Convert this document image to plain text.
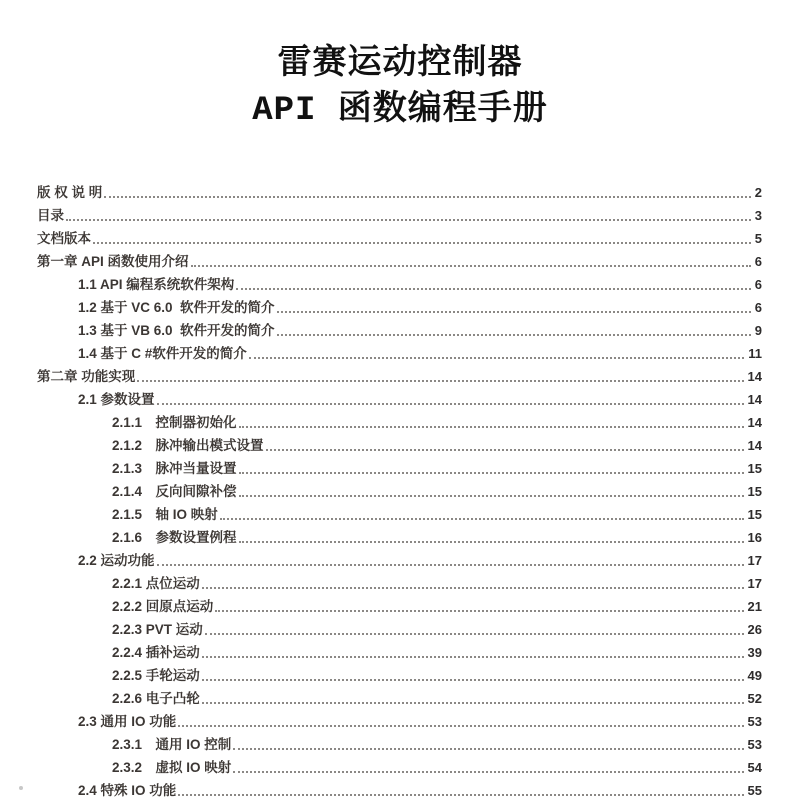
雷赛运动控制器
API 函数编程手册
版 权 说 明	2
目录	3
文档版本	5
第一章 API 函数使用介绍	6
1.1 API 编程系统软件架构	6
1.2 基于 VC 6.0  软件开发的简介	6
1.3 基于 VB 6.0  软件开发的简介	9
1.4 基于 C #软件开发的简介	11
第二章 功能实现	14
2.1 参数设置	14
2.1.1 控制器初始化	14
2.1.2 脉冲输出模式设置	14
2.1.3 脉冲当量设置	15
2.1.4 反向间隙补偿	15
2.1.5 轴 IO 映射	15
2.1.6 参数设置例程	16
2.2 运动功能	17
2.2.1 点位运动	17
2.2.2 回原点运动	21
2.2.3 PVT 运动	26
2.2.4 插补运动	39
2.2.5 手轮运动	49
2.2.6 电子凸轮	52
2.3 通用 IO 功能	53
2.3.1 通用 IO 控制	53
2.3.2 虚拟 IO 映射	54
2.4 特殊 IO 功能	55
